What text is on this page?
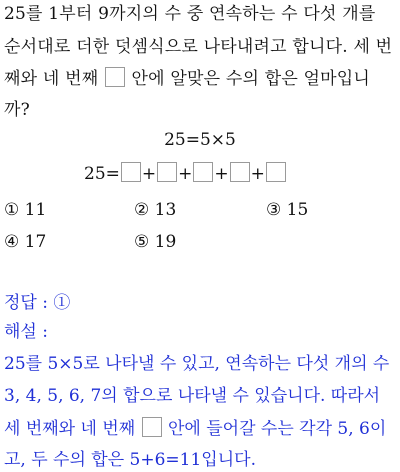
25를 1부터 9까지의 수 중 연속하는 수 다섯 개를
순서대로 더한 덧셈식으로 나타내려고 합니다. 세 번
째와 네 번째 안에 알맞은 수의 합은 얼마입니
까?
25=5×5
25= + + + +
① 11	② 13	③ 15
④ 17	⑤ 19
정답 : ①
해설 :
25를 5×5로 나타낼 수 있고, 연속하는 다섯 개의 수
3, 4, 5, 6, 7의 합으로 나타낼 수 있습니다. 따라서
세 번째와 네 번째 안에 들어갈 수는 각각 5, 6이
고, 두 수의 합은 5+6=11입니다.
